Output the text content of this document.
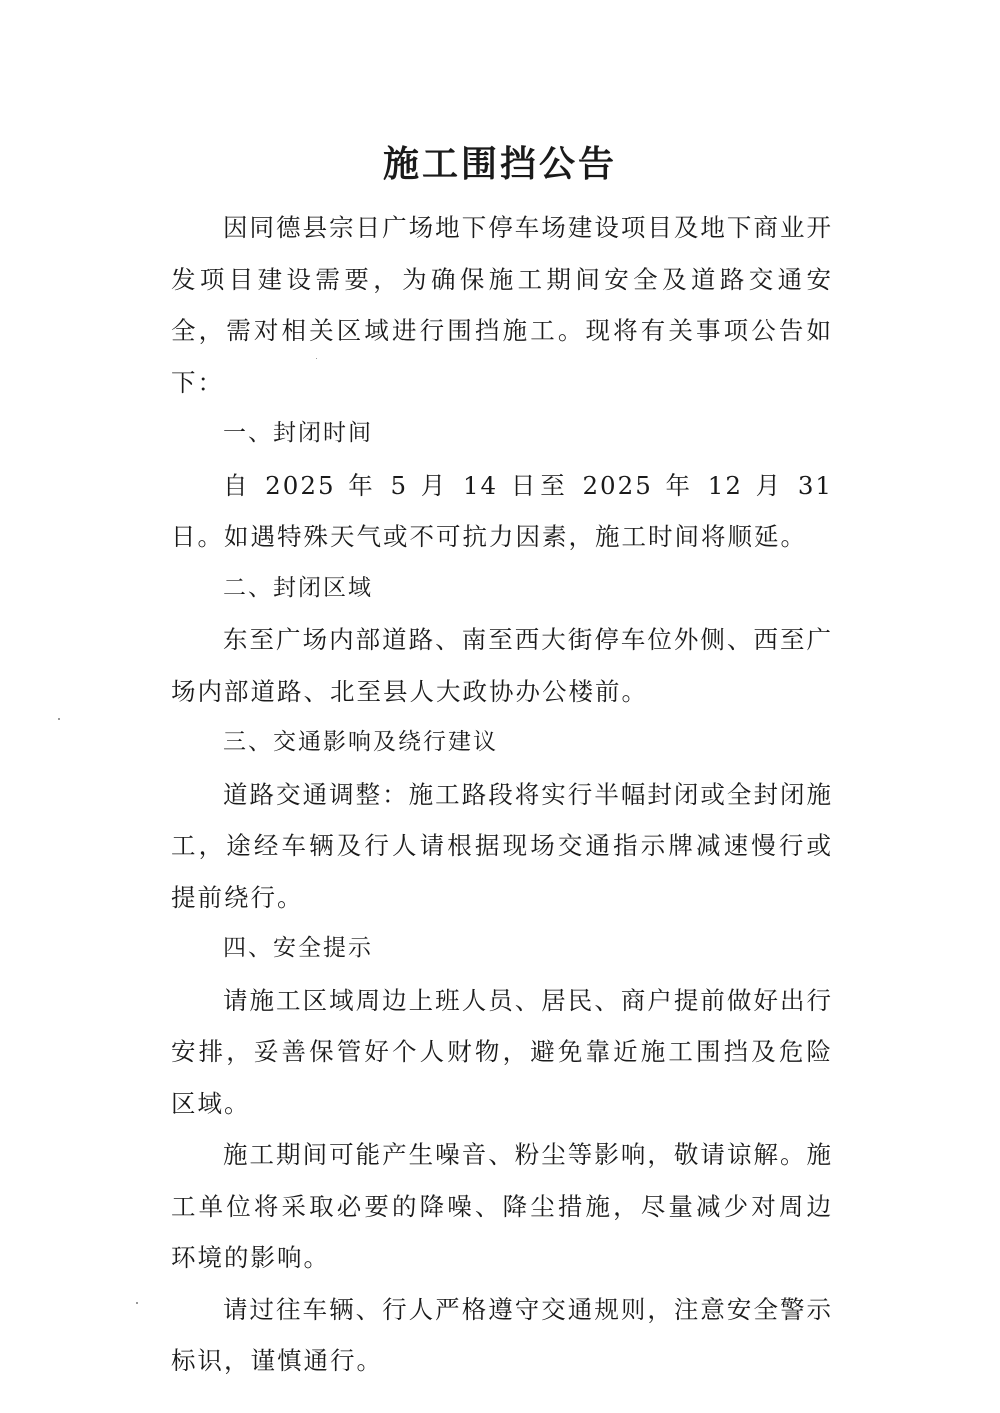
施工围挡公告

因同德县宗日广场地下停车场建设项目及地下商业开发项目建设需要，为确保施工期间安全及道路交通安全，需对相关区域进行围挡施工。现将有关事项公告如下：

一、封闭时间

自 2025 年 5 月 14 日至 2025 年 12 月 31 日。如遇特殊天气或不可抗力因素，施工时间将顺延。

二、封闭区域

东至广场内部道路、南至西大街停车位外侧、西至广场内部道路、北至县人大政协办公楼前。

三、交通影响及绕行建议

道路交通调整：施工路段将实行半幅封闭或全封闭施工，途经车辆及行人请根据现场交通指示牌减速慢行或提前绕行。

四、安全提示

请施工区域周边上班人员、居民、商户提前做好出行安排，妥善保管好个人财物，避免靠近施工围挡及危险区域。

施工期间可能产生噪音、粉尘等影响，敬请谅解。施工单位将采取必要的降噪、降尘措施，尽量减少对周边环境的影响。

请过往车辆、行人严格遵守交通规则，注意安全警示标识，谨慎通行。
